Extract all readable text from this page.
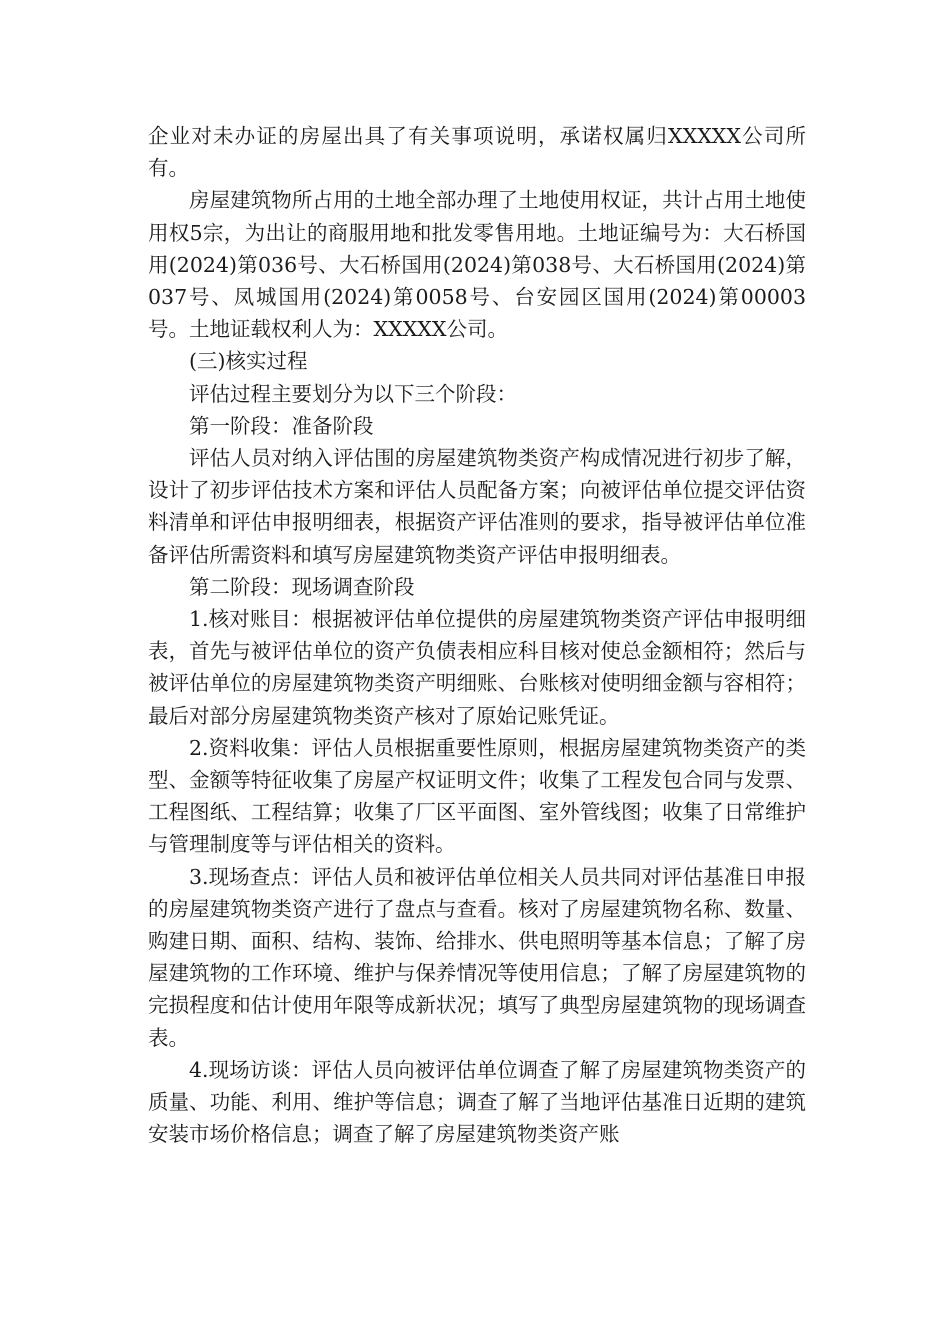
企业对未办证的房屋出具了有关事项说明，承诺权属归XXXXX公司所有。

房屋建筑物所占用的土地全部办理了土地使用权证，共计占用土地使用权5宗，为出让的商服用地和批发零售用地。土地证编号为：大石桥国用(2024)第036号、大石桥国用(2024)第038号、大石桥国用(2024)第037号、凤城国用(2024)第0058号、台安园区国用(2024)第00003号。土地证载权利人为：XXXXX公司。

(三)核实过程

评估过程主要划分为以下三个阶段：

第一阶段：准备阶段

评估人员对纳入评估围的房屋建筑物类资产构成情况进行初步了解，设计了初步评估技术方案和评估人员配备方案；向被评估单位提交评估资料清单和评估申报明细表，根据资产评估准则的要求，指导被评估单位准备评估所需资料和填写房屋建筑物类资产评估申报明细表。

第二阶段：现场调查阶段

1.核对账目：根据被评估单位提供的房屋建筑物类资产评估申报明细表，首先与被评估单位的资产负债表相应科目核对使总金额相符；然后与被评估单位的房屋建筑物类资产明细账、台账核对使明细金额与容相符；最后对部分房屋建筑物类资产核对了原始记账凭证。

2.资料收集：评估人员根据重要性原则，根据房屋建筑物类资产的类型、金额等特征收集了房屋产权证明文件；收集了工程发包合同与发票、工程图纸、工程结算；收集了厂区平面图、室外管线图；收集了日常维护与管理制度等与评估相关的资料。

3.现场查点：评估人员和被评估单位相关人员共同对评估基准日申报的房屋建筑物类资产进行了盘点与查看。核对了房屋建筑物名称、数量、购建日期、面积、结构、装饰、给排水、供电照明等基本信息；了解了房屋建筑物的工作环境、维护与保养情况等使用信息；了解了房屋建筑物的完损程度和估计使用年限等成新状况；填写了典型房屋建筑物的现场调查表。

4.现场访谈：评估人员向被评估单位调查了解了房屋建筑物类资产的质量、功能、利用、维护等信息；调查了解了当地评估基准日近期的建筑安装市场价格信息；调查了解了房屋建筑物类资产账
